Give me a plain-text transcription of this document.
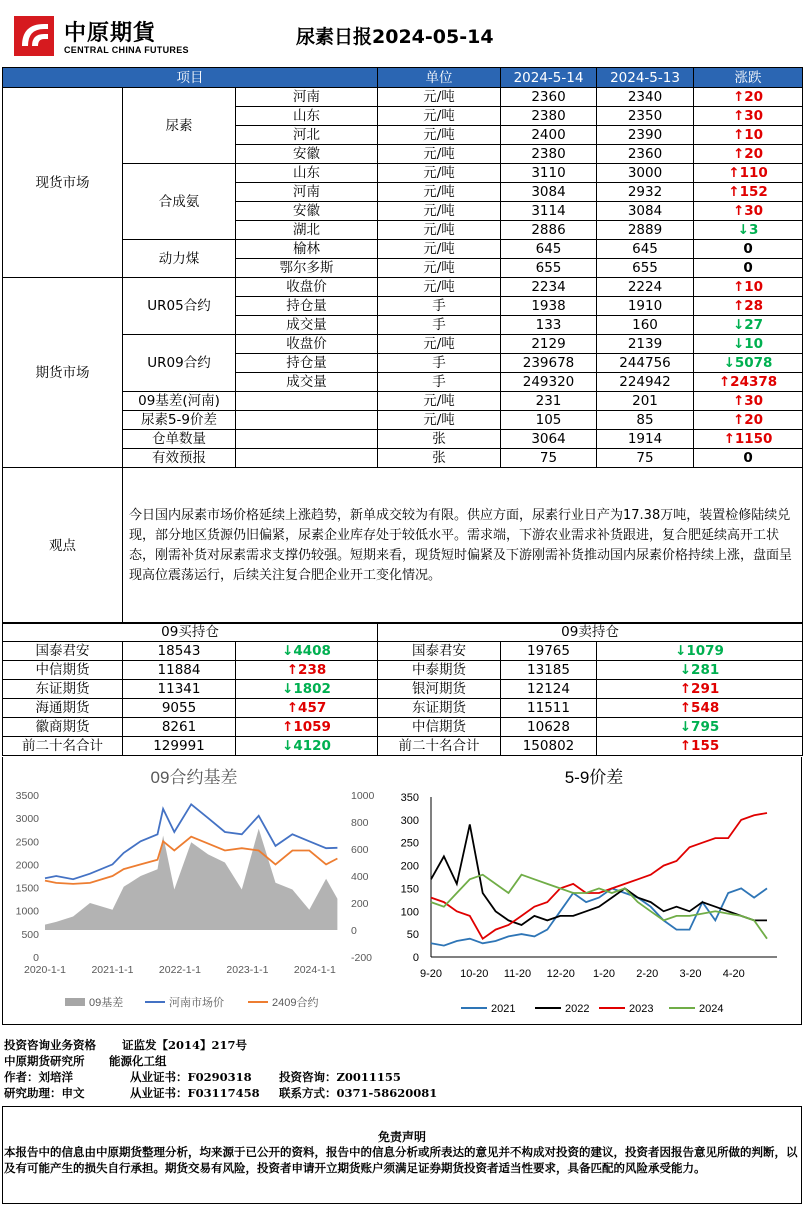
中原期貨
CENTRAL CHINA FUTURES
尿素日报2024-05-14
项目			单位	2024-5-14	2024-5-13	涨跌
现货市场	尿素	河南	元/吨	2360	2340	↑20
		山东	元/吨	2380	2350	↑30
		河北	元/吨	2400	2390	↑10
		安徽	元/吨	2380	2360	↑20
	合成氨	山东	元/吨	3110	3000	↑110
		河南	元/吨	3084	2932	↑152
		安徽	元/吨	3114	3084	↑30
		湖北	元/吨	2886	2889	↓3
	动力煤	榆林	元/吨	645	645	0
		鄂尔多斯	元/吨	655	655	0
期货市场	UR05合约	收盘价	元/吨	2234	2224	↑10
		持仓量	手	1938	1910	↑28
		成交量	手	133	160	↓27
	UR09合约	收盘价	元/吨	2129	2139	↓10
		持仓量	手	239678	244756	↓5078
		成交量	手	249320	224942	↑24378
	09基差(河南)		元/吨	231	201	↑30
	尿素5-9价差		元/吨	105	85	↑20
	仓单数量		张	3064	1914	↑1150
	有效预报		张	75	75	0
观点	今日国内尿素市场价格延续上涨趋势，新单成交较为有限。供应方面，尿素行业日产为17.38万吨，装置检修陆续兑现，部分地区货源仍旧偏紧，尿素企业库存处于较低水平。需求端，下游农业需求补货跟进，复合肥延续高开工状态，刚需补货对尿素需求支撑仍较强。短期来看，现货短时偏紧及下游刚需补货推动国内尿素价格持续上涨，盘面呈现高位震荡运行，后续关注复合肥企业开工变化情况。					
09买持仓			09卖持仓		
国泰君安	18543	↓4408	国泰君安	19765	↓1079
中信期货	11884	↑238	中泰期货	13185	↓281
东证期货	11341	↓1802	银河期货	12124	↑291
海通期货	9055	↑457	东证期货	11511	↑548
徽商期货	8261	↑1059	中信期货	10628	↓795
前二十名合计	129991	↓4120	前二十名合计	150802	↑155
09合约基差
0
500
1000
1500
2000
2500
3000
3500
-200
0
200
400
600
800
1000
2020-1-1 2021-1-1 2022-1-1 2023-1-1 2024-1-1
09基差	河南市场价	2409合约
5-9价差
0
50
100
150
200
250
300
350
9-20 10-20 11-20 12-20 1-20 2-20 3-20 4-20
2021	2022	2023	2024
投资咨询业务资格 证监发【2014】217号
中原期货研究所 能源化工组
作者：刘培洋	从业证书：F0290318 投资咨询：Z0011155
研究助理：申文	从业证书：F03117458 联系方式：0371-58620081
免责声明
本报告中的信息由中原期货整理分析，均来源于已公开的资料，报告中的信息分析或所表达的意见并不构成对投资的建议，投资者因报告意见所做的判断，以及有可能产生的损失自行承担。期货交易有风险，投资者申请开立期货账户须满足证券期货投资者适当性要求，具备匹配的风险承受能力。
